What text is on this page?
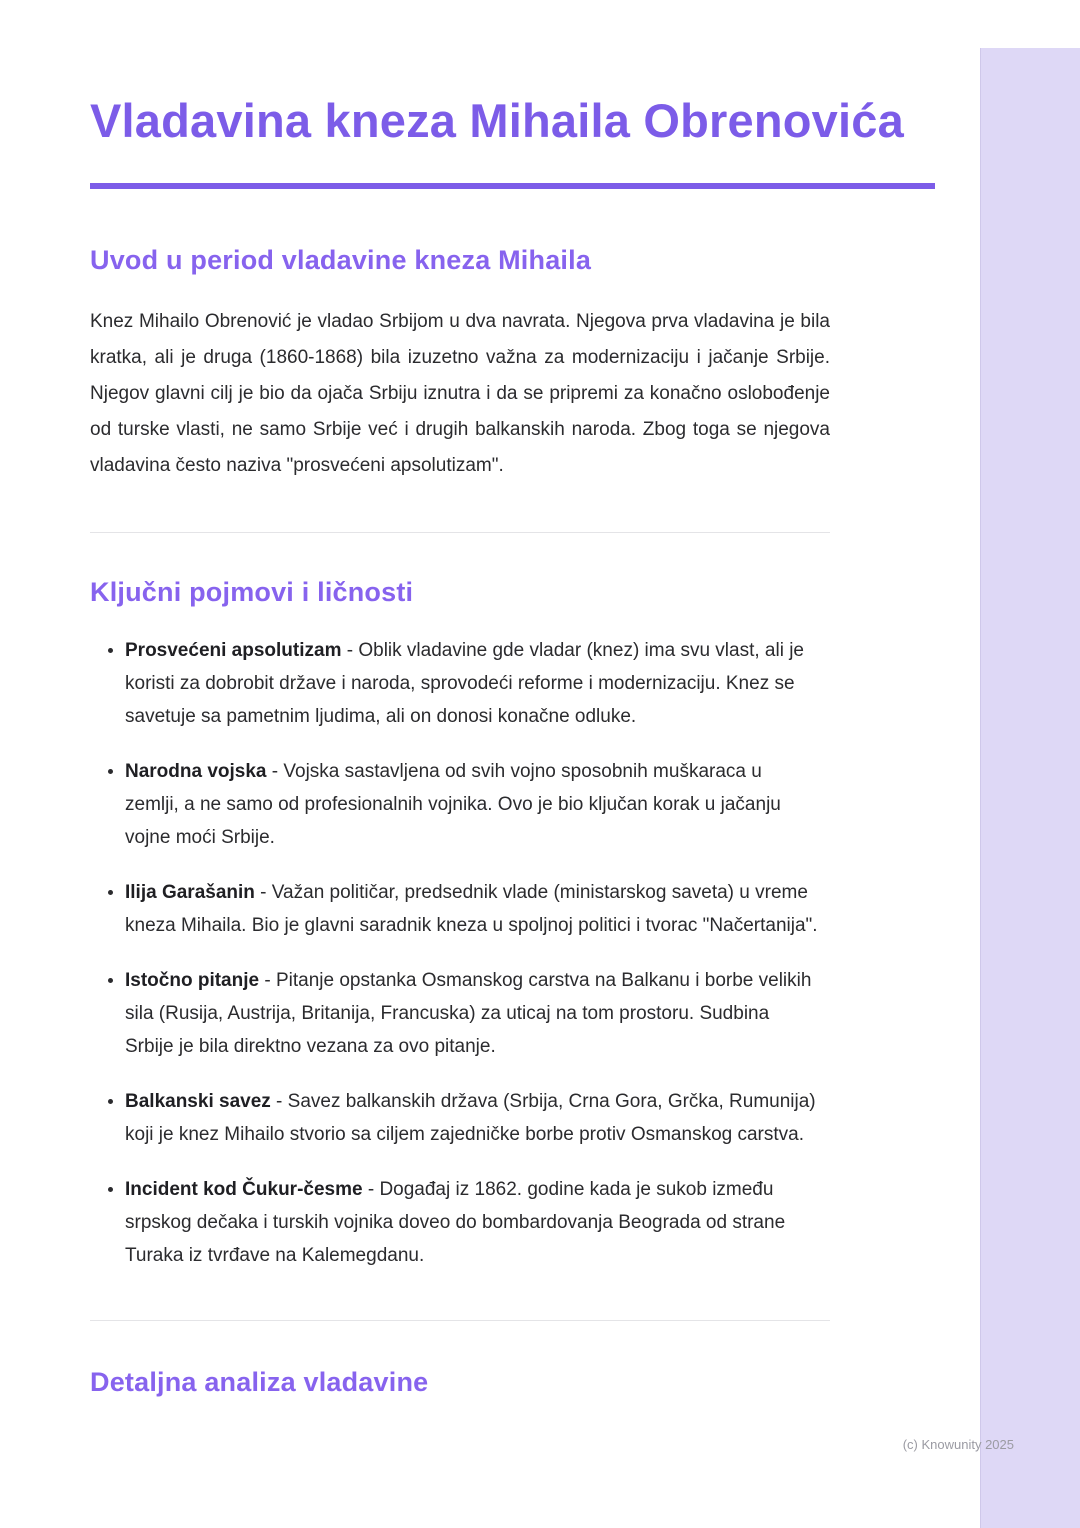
Vladavina kneza Mihaila Obrenovića
Uvod u period vladavine kneza Mihaila

Knez Mihailo Obrenović je vladao Srbijom u dva navrata. Njegova prva vladavina je bila kratka, ali je druga (1860-1868) bila izuzetno važna za modernizaciju i jačanje Srbije. Njegov glavni cilj je bio da ojača Srbiju iznutra i da se pripremi za konačno oslobođenje od turske vlasti, ne samo Srbije već i drugih balkanskih naroda. Zbog toga se njegova vladavina često naziva "prosvećeni apsolutizam".

Ključni pojmovi i ličnosti
• Prosvećeni apsolutizam - Oblik vladavine gde vladar (knez) ima svu vlast, ali je koristi za dobrobit države i naroda, sprovodeći reforme i modernizaciju. Knez se savetuje sa pametnim ljudima, ali on donosi konačne odluke.
• Narodna vojska - Vojska sastavljena od svih vojno sposobnih muškaraca u zemlji, a ne samo od profesionalnih vojnika. Ovo je bio ključan korak u jačanju vojne moći Srbije.
• Ilija Garašanin - Važan političar, predsednik vlade (ministarskog saveta) u vreme kneza Mihaila. Bio je glavni saradnik kneza u spoljnoj politici i tvorac "Načertanija".
• Istočno pitanje - Pitanje opstanka Osmanskog carstva na Balkanu i borbe velikih sila (Rusija, Austrija, Britanija, Francuska) za uticaj na tom prostoru. Sudbina Srbije je bila direktno vezana za ovo pitanje.
• Balkanski savez - Savez balkanskih država (Srbija, Crna Gora, Grčka, Rumunija) koji je knez Mihailo stvorio sa ciljem zajedničke borbe protiv Osmanskog carstva.
• Incident kod Čukur-česme - Događaj iz 1862. godine kada je sukob između srpskog dečaka i turskih vojnika doveo do bombardovanja Beograda od strane Turaka iz tvrđave na Kalemegdanu.
Detaljna analiza vladavine
(c) Knowunity 2025
